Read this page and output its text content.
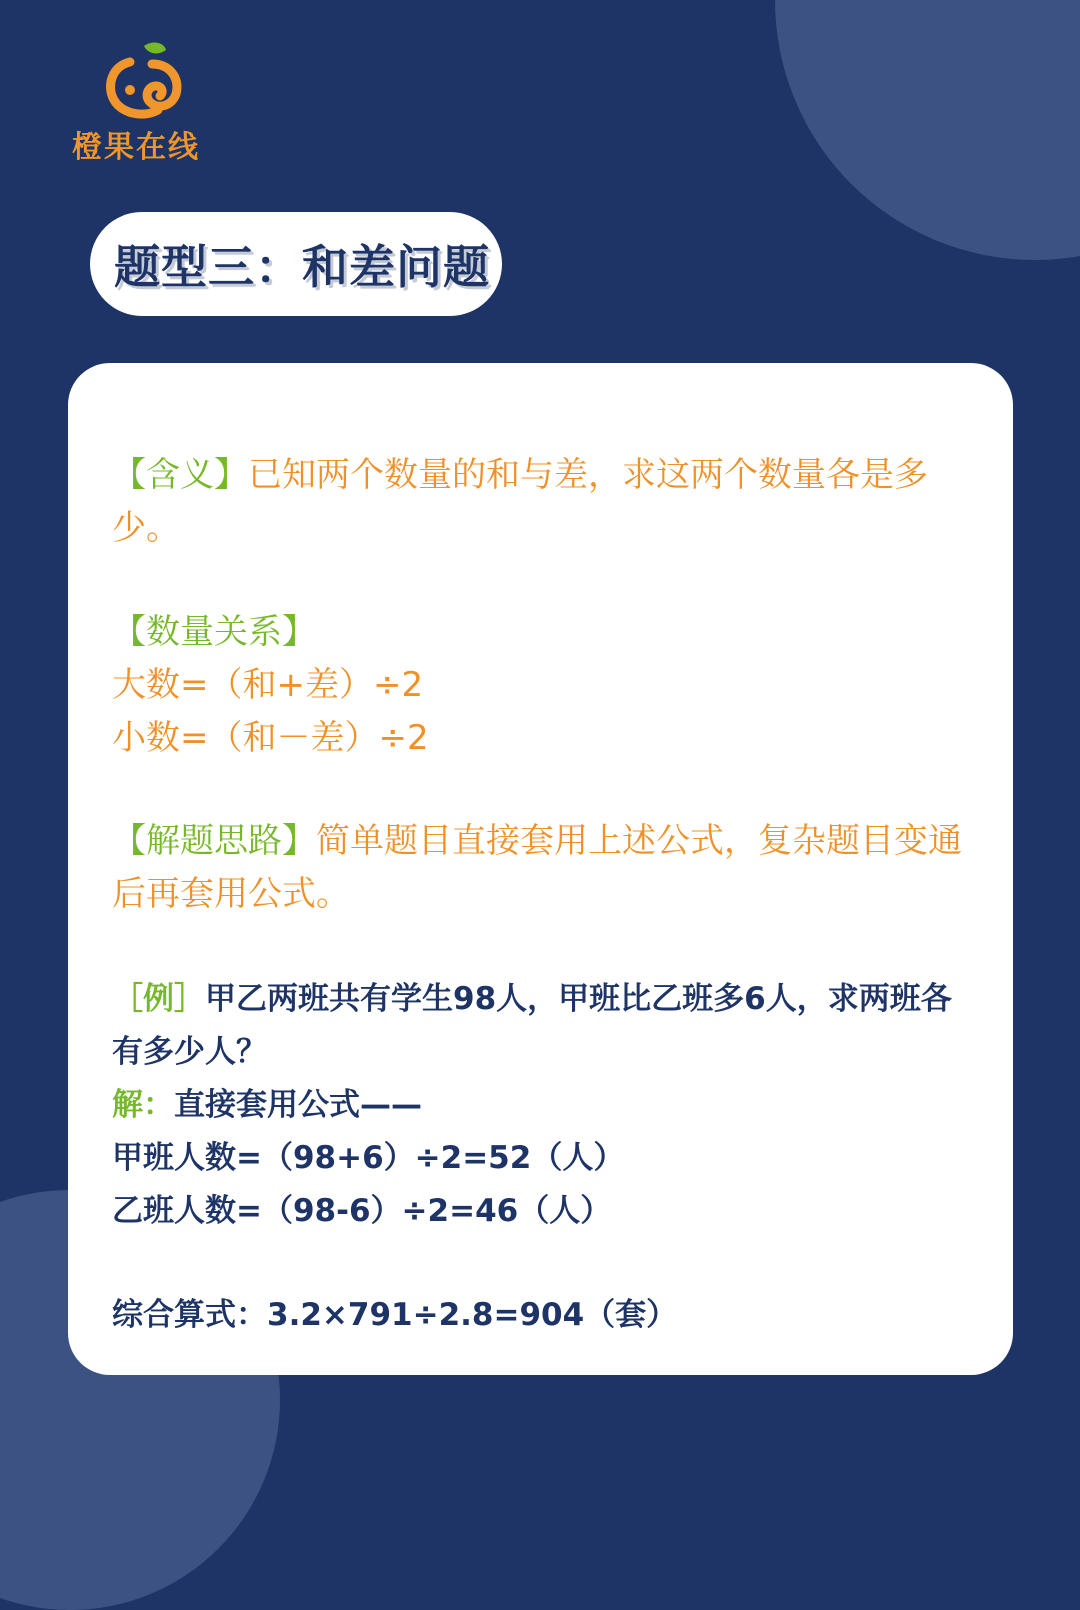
橙果在线
题型三：和差问题
【含义】已知两个数量的和与差，求这两个数量各是多少。
【数量关系】
大数=（和+差）÷2
小数=（和－差）÷2
【解题思路】简单题目直接套用上述公式，复杂题目变通后再套用公式。
［例］甲乙两班共有学生98人，甲班比乙班多6人，求两班各有多少人？
解：直接套用公式——
甲班人数=（98+6）÷2=52（人）
乙班人数=（98-6）÷2=46（人）
综合算式：3.2×791÷2.8=904（套）
